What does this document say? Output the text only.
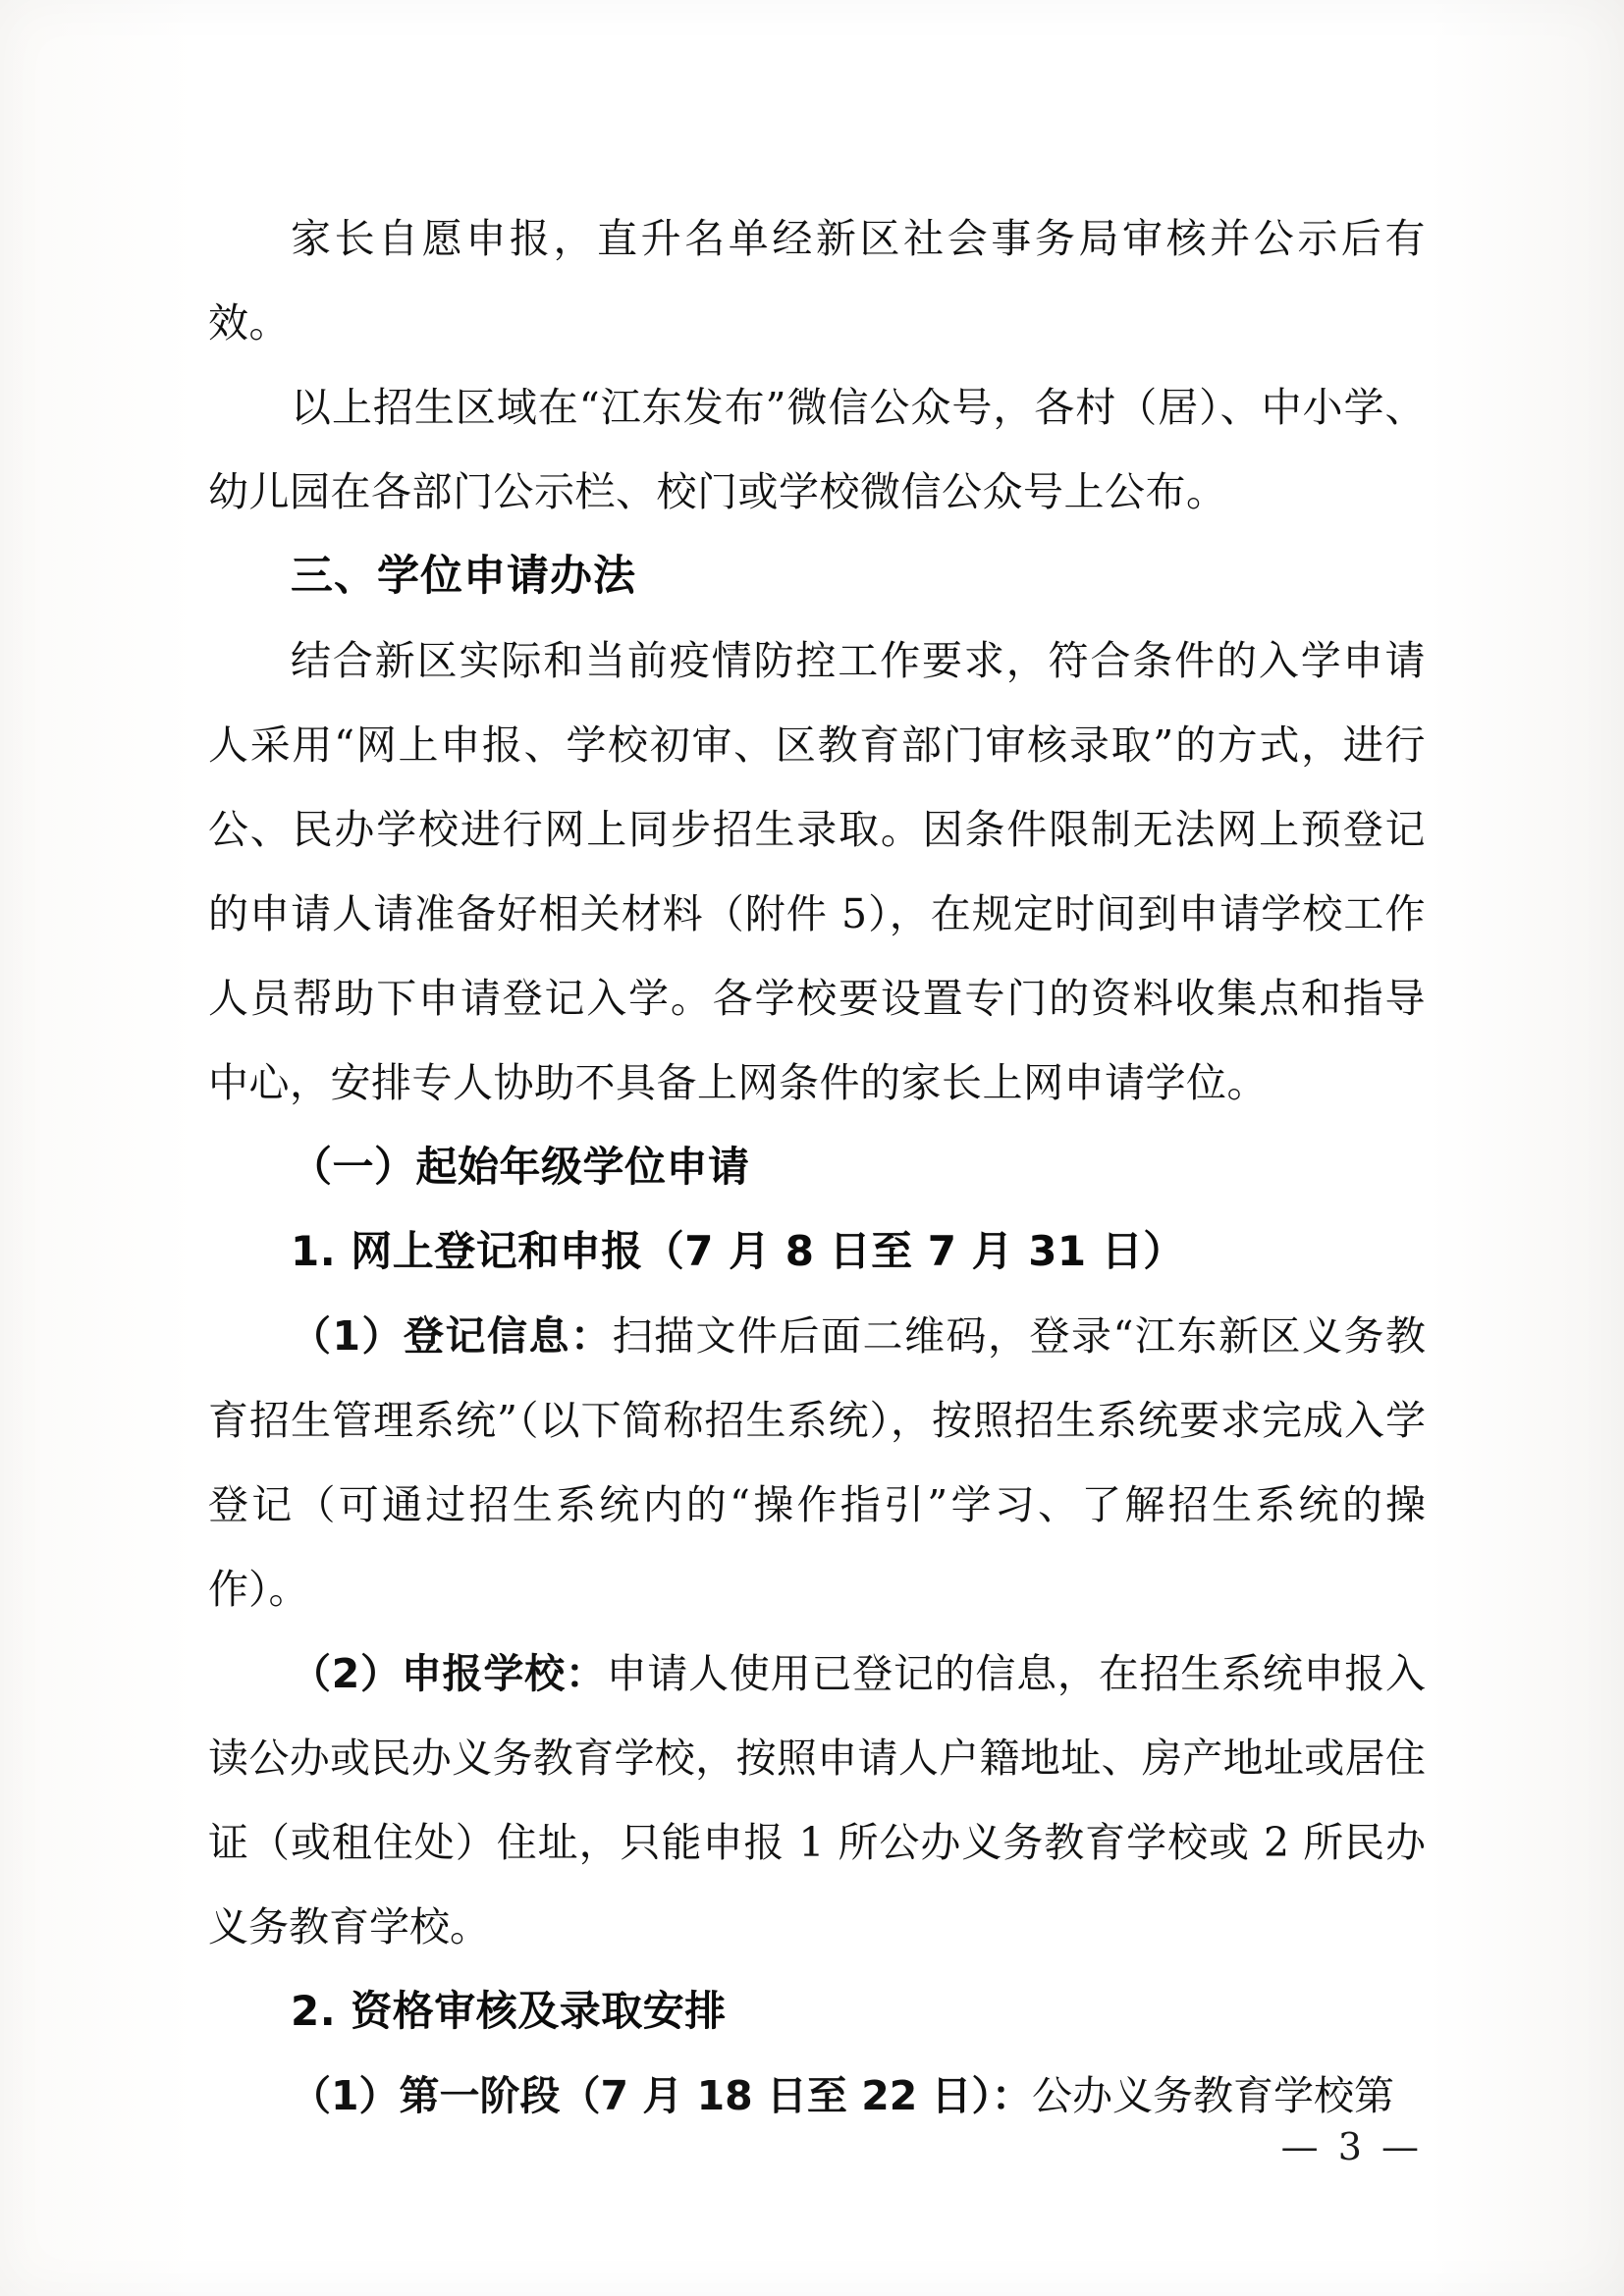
家长自愿申报，直升名单经新区社会事务局审核并公示后有效。

以上招生区域在“江东发布”微信公众号，各村（居）、中小学、幼儿园在各部门公示栏、校门或学校微信公众号上公布。

三、学位申请办法

结合新区实际和当前疫情防控工作要求，符合条件的入学申请人采用“网上申报、学校初审、区教育部门审核录取”的方式，进行公、民办学校进行网上同步招生录取。因条件限制无法网上预登记的申请人请准备好相关材料（附件 5），在规定时间到申请学校工作人员帮助下申请登记入学。各学校要设置专门的资料收集点和指导中心，安排专人协助不具备上网条件的家长上网申请学位。

（一）起始年级学位申请
1. 网上登记和申报（7 月 8 日至 7 月 31 日）

（1）登记信息：扫描文件后面二维码，登录“江东新区义务教育招生管理系统”（以下简称招生系统），按照招生系统要求完成入学登记（可通过招生系统内的“操作指引”学习、了解招生系统的操作）。

（2）申报学校：申请人使用已登记的信息，在招生系统申报入读公办或民办义务教育学校，按照申请人户籍地址、房产地址或居住证（或租住处）住址，只能申报 1 所公办义务教育学校或 2 所民办义务教育学校。

2. 资格审核及录取安排

（1）第一阶段（7 月 18 日至 22 日）：公办义务教育学校第

— 3 —
